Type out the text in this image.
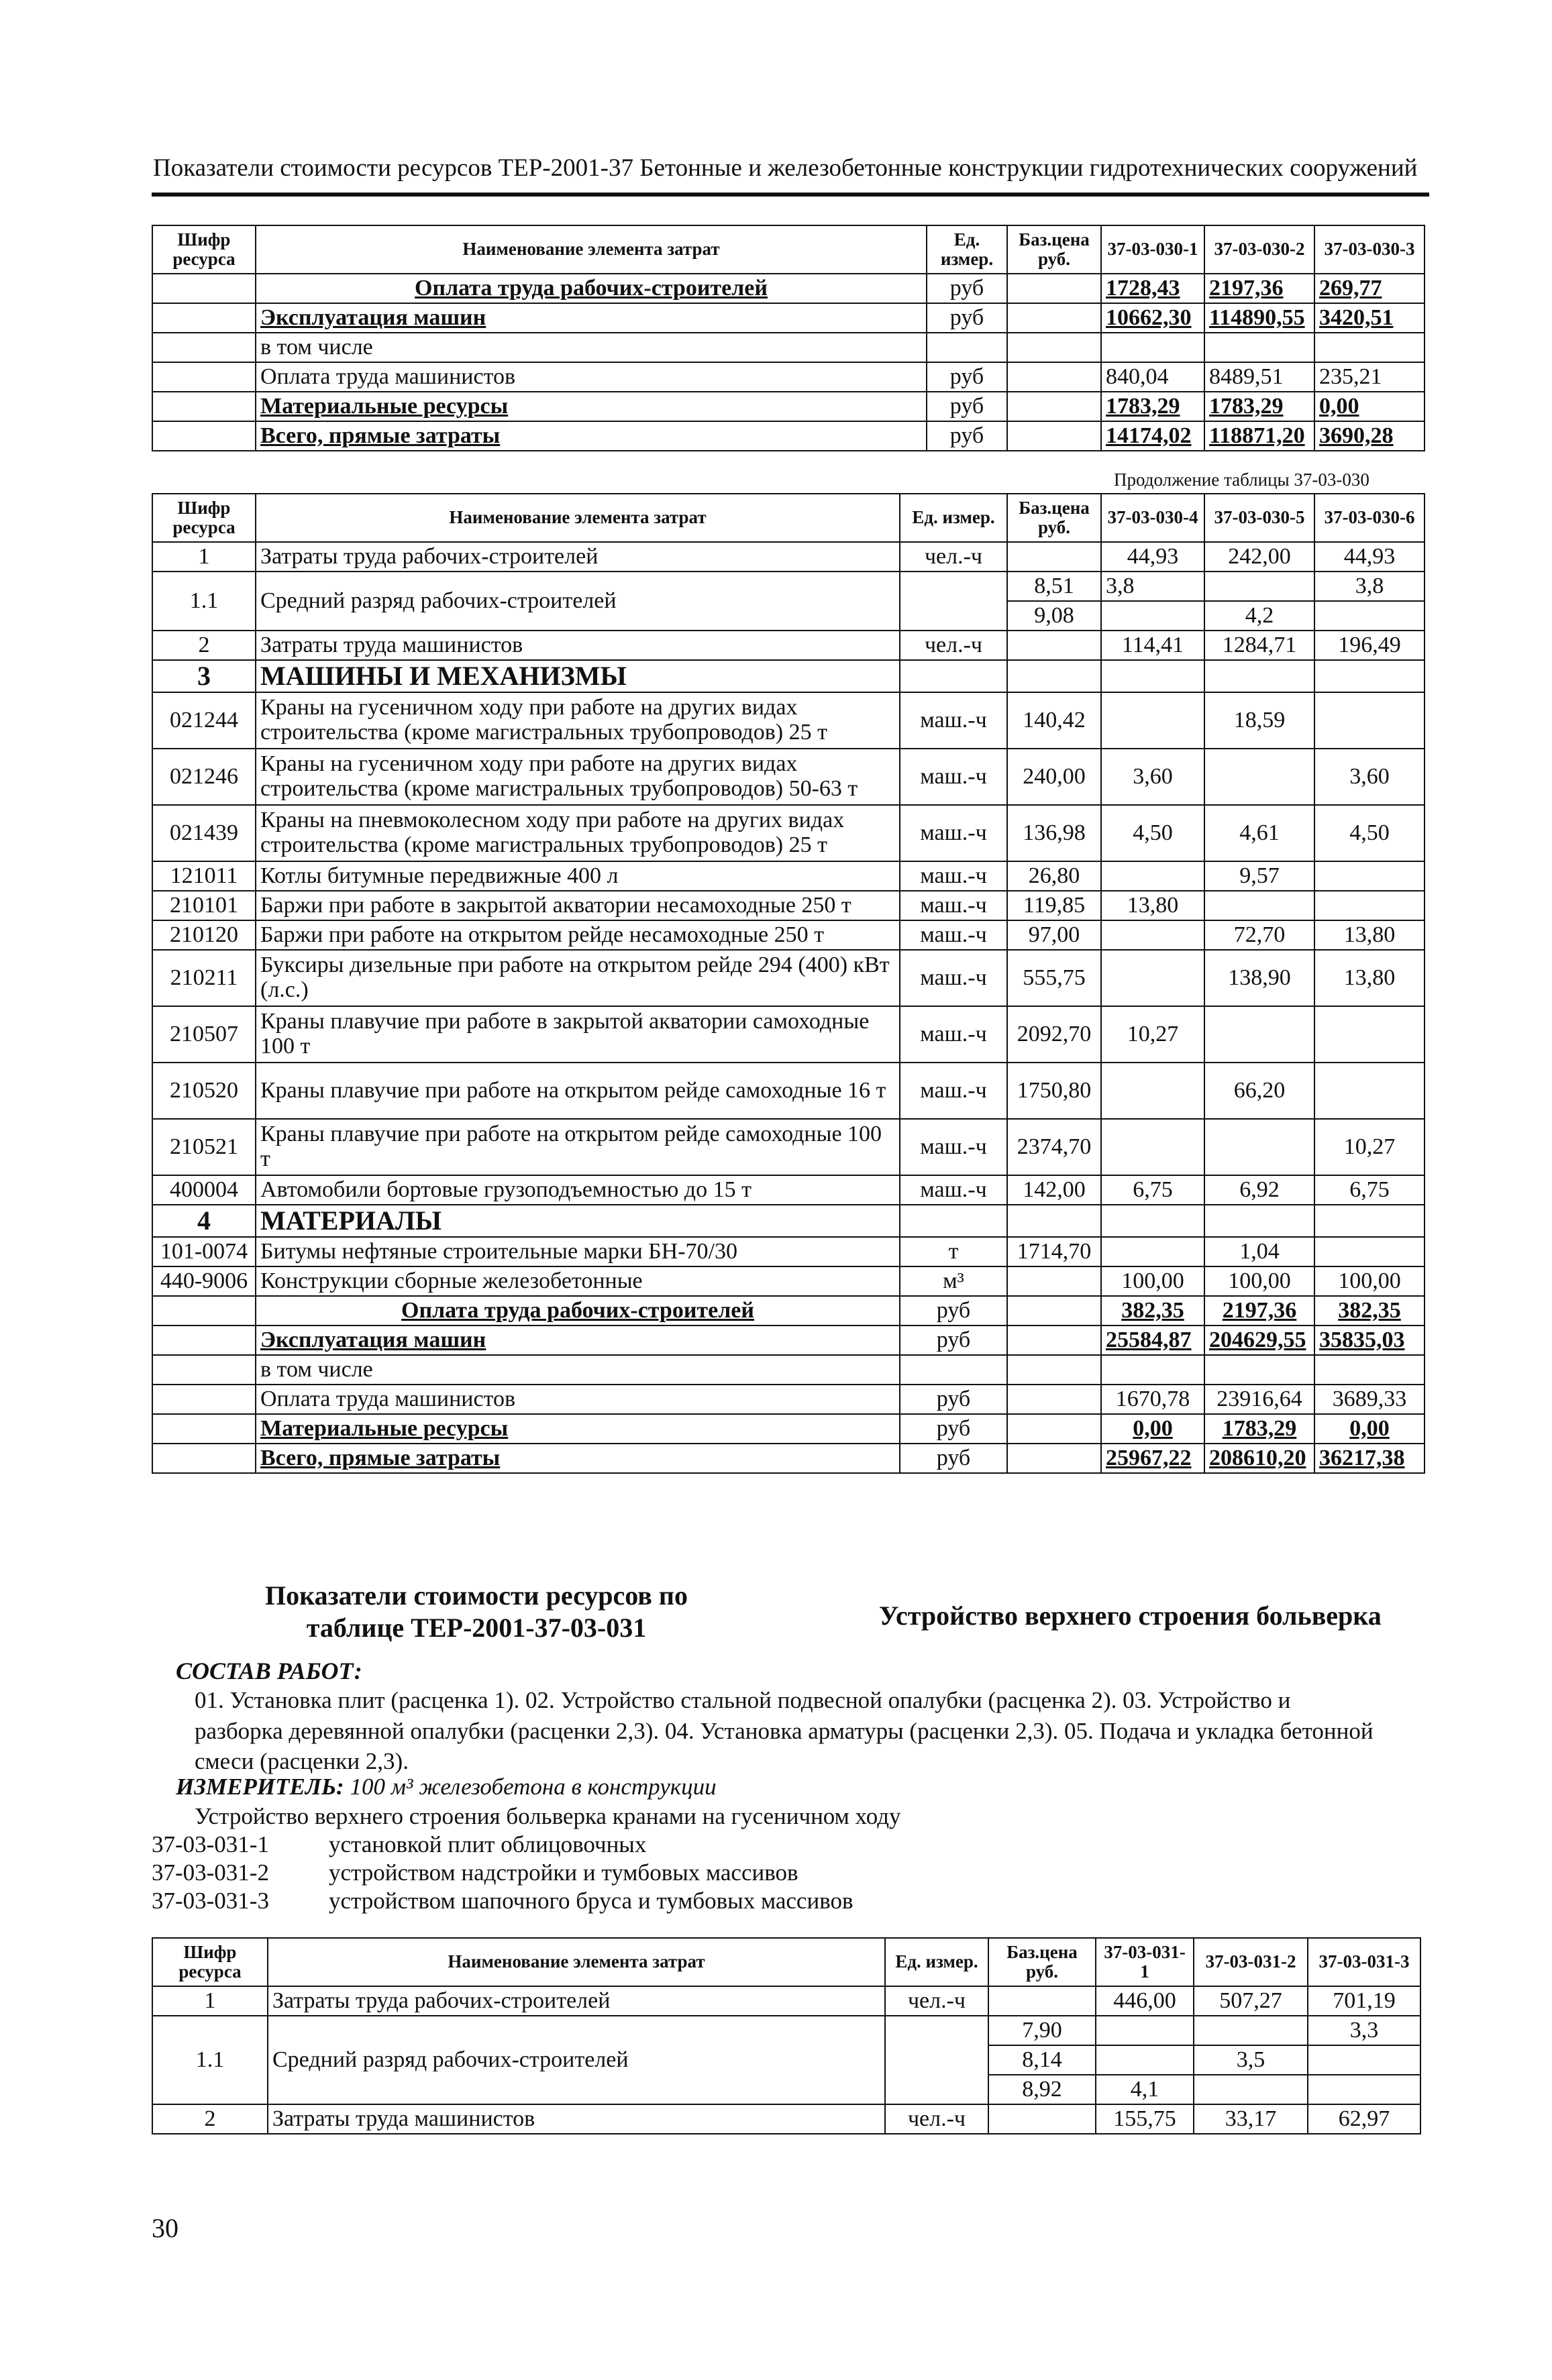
Показатели стоимости ресурсов ТЕР-2001-37 Бетонные и железобетонные конструкции гидротехнических сооружений
Шифр ресурса	Наименование элемента затрат	Ед. измер.	Баз.цена руб.	37-03-030-1	37-03-030-2	37-03-030-3
	Оплата труда рабочих-строителей	руб		1728,43	2197,36	269,77
	Эксплуатация машин	руб		10662,30	114890,55	3420,51
	в том числе					
	Оплата труда машинистов	руб		840,04	8489,51	235,21
	Материальные ресурсы	руб		1783,29	1783,29	0,00
	Всего, прямые затраты	руб		14174,02	118871,20	3690,28
Продолжение таблицы 37-03-030
Шифр ресурса	Наименование элемента затрат	Ед. измер.	Баз.цена руб.	37-03-030-4	37-03-030-5	37-03-030-6
1	Затраты труда рабочих-строителей	чел.-ч		44,93	242,00	44,93
1.1	Средний разряд рабочих-строителей		8,51	3,8		3,8
			9,08		4,2	
2	Затраты труда машинистов	чел.-ч		114,41	1284,71	196,49
3	МАШИНЫ И МЕХАНИЗМЫ					
021244	Краны на гусеничном ходу при работе на других видах строительства (кроме магистральных трубопроводов) 25 т	маш.-ч	140,42		18,59	
021246	Краны на гусеничном ходу при работе на других видах строительства (кроме магистральных трубопроводов) 50-63 т	маш.-ч	240,00	3,60		3,60
021439	Краны на пневмоколесном ходу при работе на других видах строительства (кроме магистральных трубопроводов) 25 т	маш.-ч	136,98	4,50	4,61	4,50
121011	Котлы битумные передвижные 400 л	маш.-ч	26,80		9,57	
210101	Баржи при работе в закрытой акватории несамоходные 250 т	маш.-ч	119,85	13,80		
210120	Баржи при работе на открытом рейде несамоходные 250 т	маш.-ч	97,00		72,70	13,80
210211	Буксиры дизельные при работе на открытом рейде 294 (400) кВт (л.с.)	маш.-ч	555,75		138,90	13,80
210507	Краны плавучие при работе в закрытой акватории самоходные 100 т	маш.-ч	2092,70	10,27		
210520	Краны плавучие при работе на открытом рейде самоходные 16 т	маш.-ч	1750,80		66,20	
210521	Краны плавучие при работе на открытом рейде самоходные 100 т	маш.-ч	2374,70			10,27
400004	Автомобили бортовые грузоподъемностью до 15 т	маш.-ч	142,00	6,75	6,92	6,75
4	МАТЕРИАЛЫ					
101-0074	Битумы нефтяные строительные марки БН-70/30	т	1714,70		1,04	
440-9006	Конструкции сборные железобетонные	м³		100,00	100,00	100,00
	Оплата труда рабочих-строителей	руб		382,35	2197,36	382,35
	Эксплуатация машин	руб		25584,87	204629,55	35835,03
	в том числе					
	Оплата труда машинистов	руб		1670,78	23916,64	3689,33
	Материальные ресурсы	руб		0,00	1783,29	0,00
	Всего, прямые затраты	руб		25967,22	208610,20	36217,38
Показатели стоимости ресурсов по таблице ТЕР-2001-37-03-031	Устройство верхнего строения больверка
СОСТАВ РАБОТ:
01. Установка плит (расценка 1). 02. Устройство стальной подвесной опалубки (расценка 2). 03. Устройство и разборка деревянной опалубки (расценки 2,3). 04. Установка арматуры (расценки 2,3). 05. Подача и укладка бетонной смеси (расценки 2,3).
ИЗМЕРИТЕЛЬ: 100 м³ железобетона в конструкции
Устройство верхнего строения больверка кранами на гусеничном ходу
37-03-031-1	установкой плит облицовочных
37-03-031-2	устройством надстройки и тумбовых массивов
37-03-031-3	устройством шапочного бруса и тумбовых массивов
Шифр ресурса	Наименование элемента затрат	Ед. измер.	Баз.цена руб.	37-03-031-1	37-03-031-2	37-03-031-3
1	Затраты труда рабочих-строителей	чел.-ч		446,00	507,27	701,19
1.1	Средний разряд рабочих-строителей		7,90			3,3
			8,14		3,5	
			8,92	4,1		
2	Затраты труда машинистов	чел.-ч		155,75	33,17	62,97
30
